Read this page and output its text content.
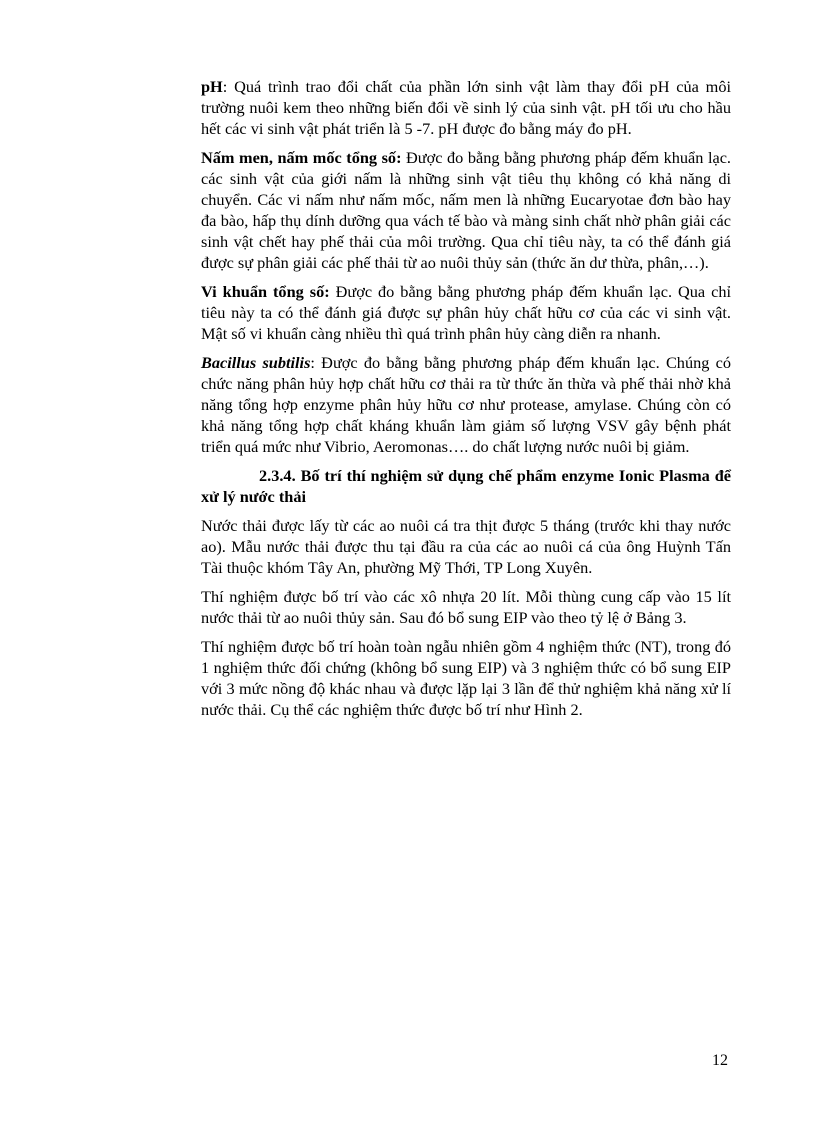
pH: Quá trình trao đổi chất của phần lớn sinh vật làm thay đổi pH của môi trường nuôi kem theo những biến đổi về sinh lý của sinh vật. pH tối ưu cho hầu hết các vi sinh vật phát triển là 5 -7. pH được đo bằng máy đo pH.

Nấm men, nấm mốc tổng số: Được đo bằng bằng phương pháp đếm khuẩn lạc. các sinh vật của giới nấm là những sinh vật tiêu thụ không có khả năng di chuyển. Các vi nấm như nấm mốc, nấm men là những Eucaryotae đơn bào hay đa bào, hấp thụ dính dưỡng qua vách tế bào và màng sinh chất nhờ phân giải các sinh vật chết hay phế thải của môi trường. Qua chỉ tiêu này, ta có thể đánh giá được sự phân giải các phế thải từ ao nuôi thủy sản (thức ăn dư thừa, phân,…).

Vi khuẩn tổng số: Được đo bằng bằng phương pháp đếm khuẩn lạc. Qua chỉ tiêu này ta có thể đánh giá được sự phân hủy chất hữu cơ của các vi sinh vật. Mật số vi khuẩn càng nhiều thì quá trình phân hủy càng diễn ra nhanh.

Bacillus subtilis: Được đo bằng bằng phương pháp đếm khuẩn lạc. Chúng có chức năng phân hủy hợp chất hữu cơ thải ra từ thức ăn thừa và phế thải nhờ khả năng tổng hợp enzyme phân hủy hữu cơ như protease, amylase. Chúng còn có khả năng tổng hợp chất kháng khuẩn làm giảm số lượng VSV gây bệnh phát triển quá mức như Vibrio, Aeromonas…. do chất lượng nước nuôi bị giảm.

2.3.4. Bố trí thí nghiệm sử dụng chế phẩm enzyme Ionic Plasma để xử lý nước thải

Nước thải được lấy từ các ao nuôi cá tra thịt được 5 tháng (trước khi thay nước ao). Mẫu nước thải được thu tại đầu ra của các ao nuôi cá của ông Huỳnh Tấn Tài thuộc khóm Tây An, phường Mỹ Thới, TP Long Xuyên.

Thí nghiệm được bố trí vào các xô nhựa 20 lít. Mỗi thùng cung cấp vào 15 lít nước thải từ ao nuôi thủy sản. Sau đó bổ sung EIP vào theo tỷ lệ ở Bảng 3.

Thí nghiệm được bố trí hoàn toàn ngẫu nhiên gồm 4 nghiệm thức (NT), trong đó 1 nghiệm thức đối chứng (không bổ sung EIP) và 3 nghiệm thức có bổ sung EIP với 3 mức nồng độ khác nhau và được lặp lại 3 lần để thử nghiệm khả năng xử lí nước thải. Cụ thể các nghiệm thức được bố trí như Hình 2.

12
